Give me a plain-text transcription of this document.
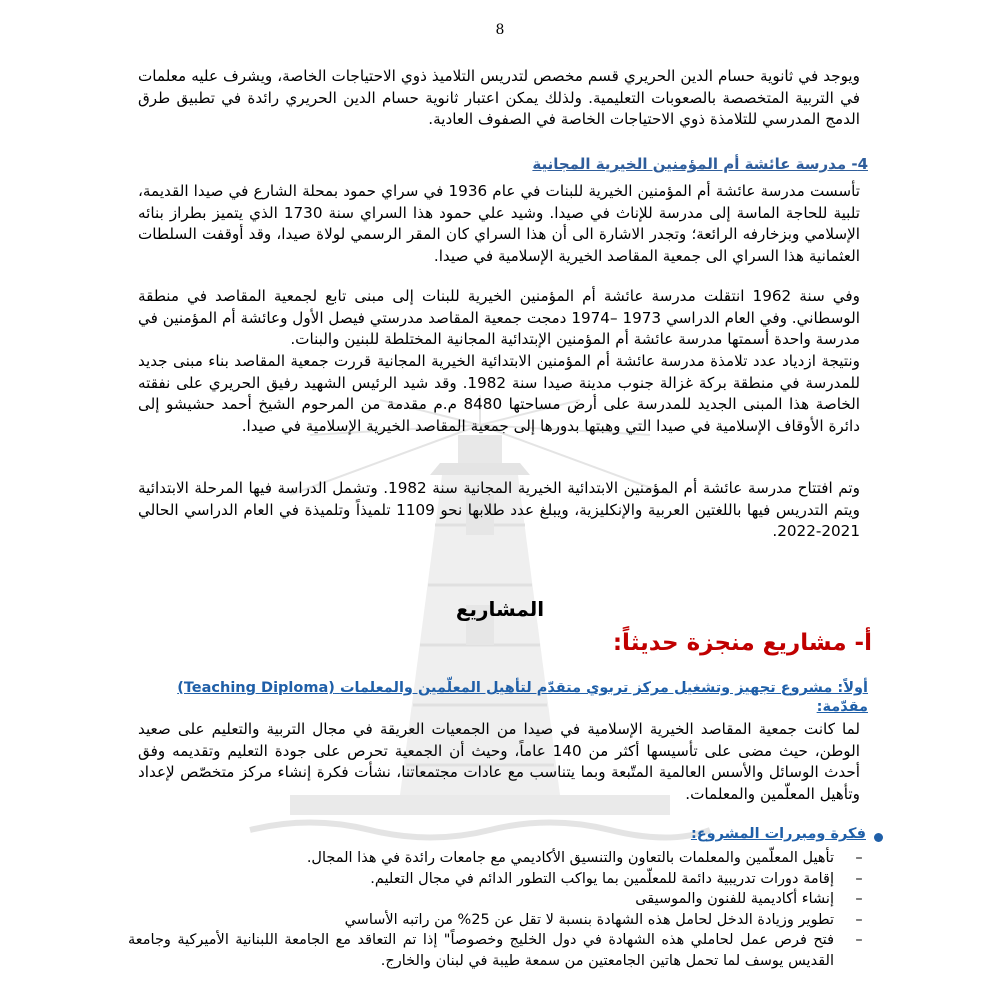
8

ويوجد في ثانوية حسام الدين الحريري قسم مخصص لتدريس التلاميذ ذوي الاحتياجات الخاصة، ويشرف عليه معلمات في التربية المتخصصة بالصعوبات التعليمية. ولذلك يمكن اعتبار ثانوية حسام الدين الحريري رائدة في تطبيق طرق الدمج المدرسي للتلامذة ذوي الاحتياجات الخاصة في الصفوف العادية.

4- مدرسة عائشة أم المؤمنين الخيرية المجانية

تأسست مدرسة عائشة أم المؤمنين الخيرية للبنات في عام 1936 في سراي حمود بمحلة الشارع في صيدا القديمة، تلبية للحاجة الماسة إلى مدرسة للإناث في صيدا. وشيد علي حمود هذا السراي سنة 1730 الذي يتميز بطراز بنائه الإسلامي وبزخارفه الرائعة؛ وتجدر الاشارة الى أن هذا السراي كان المقر الرسمي لولاة صيدا، وقد أوقفت السلطات العثمانية هذا السراي الى جمعية المقاصد الخيرية الإسلامية في صيدا.

وفي سنة 1962 انتقلت مدرسة عائشة أم المؤمنين الخيرية للبنات إلى مبنى تابع لجمعية المقاصد في منطقة الوسطاني. وفي العام الدراسي 1973 –1974 دمجت جمعية المقاصد مدرستي فيصل الأول وعائشة أم المؤمنين في مدرسة واحدة أسمتها مدرسة عائشة أم المؤمنين الإبتدائية المجانية المختلطة للبنين والبنات.

ونتيجة ازدياد عدد تلامذة مدرسة عائشة أم المؤمنين الابتدائية الخيرية المجانية قررت جمعية المقاصد بناء مبنى جديد للمدرسة في منطقة بركة غزالة جنوب مدينة صيدا سنة 1982. وقد شيد الرئيس الشهيد رفيق الحريري على نفقته الخاصة هذا المبنى الجديد للمدرسة على أرض مساحتها 8480 م.م مقدمة من المرحوم الشيخ أحمد حشيشو إلى دائرة الأوقاف الإسلامية في صيدا التي وهبتها بدورها إلى جمعية المقاصد الخيرية الإسلامية في صيدا.

وتم افتتاح مدرسة عائشة أم المؤمنين الابتدائية الخيرية المجانية سنة 1982. وتشمل الدراسة فيها المرحلة الابتدائية ويتم التدريس فيها باللغتين العربية والإنكليزية، ويبلغ عدد طلابها نحو 1109 تلميذاً وتلميذة في العام الدراسي الحالي 2021-2022.

المشاريع
أ- مشاريع منجزة حديثاً:
أولاً: مشروع تجهيز وتشغيل مركز تربوي متقدّم لتأهيل المعلّمين والمعلمات (Teaching Diploma)
مقدّمة:

لما كانت جمعية المقاصد الخيرية الإسلامية في صيدا من الجمعيات العريقة في مجال التربية والتعليم على صعيد الوطن، حيث مضى على تأسيسها أكثر من 140 عاماً، وحيث أن الجمعية تحرص على جودة التعليم وتقديمه وفق أحدث الوسائل والأسس العالمية المتّبعة وبما يتناسب مع عادات مجتمعاتنا، نشأت فكرة إنشاء مركز متخصّص لإعداد وتأهيل المعلّمين والمعلمات.

فكرة ومبررات المشروع:
–
تأهيل المعلّمين والمعلمات بالتعاون والتنسيق الأكاديمي مع جامعات رائدة في هذا المجال.
–
إقامة دورات تدريبية دائمة للمعلّمين بما يواكب التطور الدائم في مجال التعليم.
–
إنشاء أكاديمية للفنون والموسيقى
–
تطوير وزيادة الدخل لحامل هذه الشهادة بنسبة لا تقل عن 25% من راتبه الأساسي
–
فتح فرص عمل لحاملي هذه الشهادة في دول الخليج وخصوصاً" إذا تم التعاقد مع الجامعة اللبنانية الأميركية وجامعة القديس يوسف لما تحمل هاتين الجامعتين من سمعة طيبة في لبنان والخارج.
